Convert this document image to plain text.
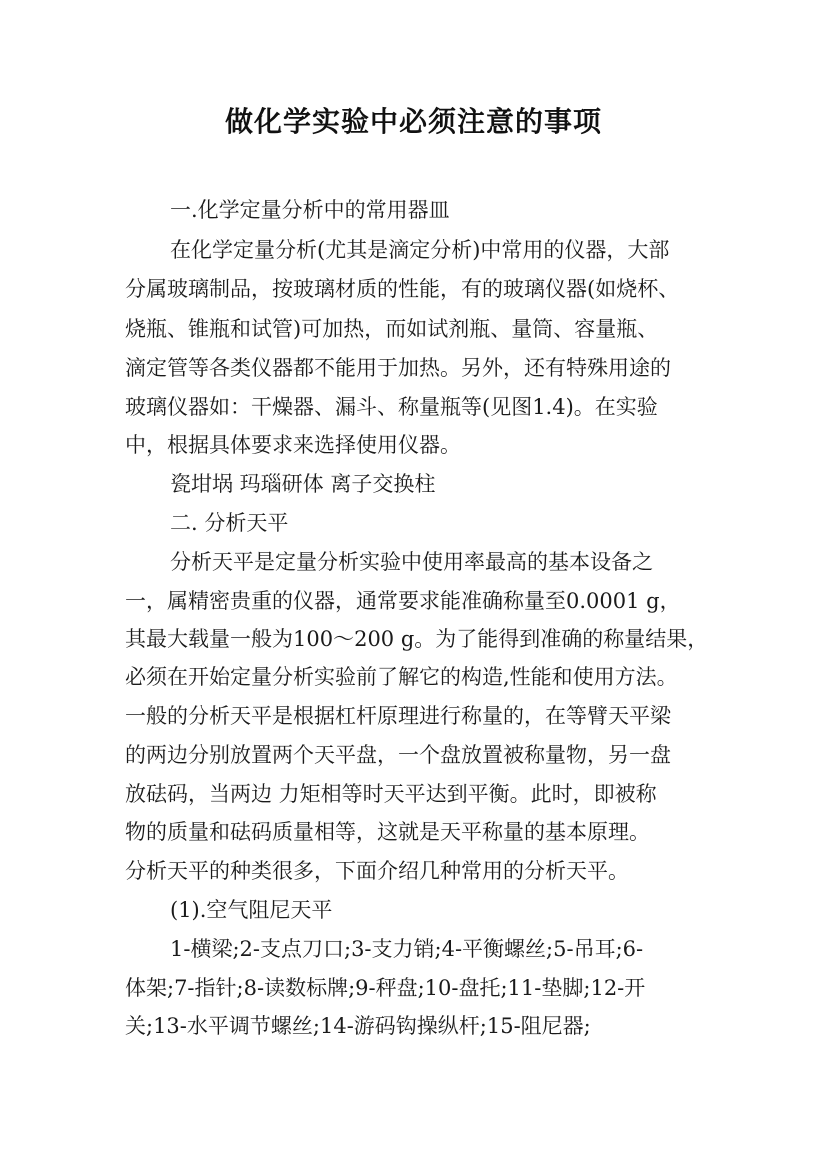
做化学实验中必须注意的事项
一.化学定量分析中的常用器皿
在化学定量分析(尤其是滴定分析)中常用的仪器，大部
分属玻璃制品，按玻璃材质的性能，有的玻璃仪器(如烧杯、
烧瓶、锥瓶和试管)可加热，而如试剂瓶、量筒、容量瓶、
滴定管等各类仪器都不能用于加热。另外，还有特殊用途的
玻璃仪器如：干燥器、漏斗、称量瓶等(见图1.4)。在实验
中，根据具体要求来选择使用仪器。
瓷坩埚 玛瑙研体 离子交换柱
二. 分析天平
分析天平是定量分析实验中使用率最高的基本设备之
一，属精密贵重的仪器，通常要求能准确称量至0.0001 g，
其最大载量一般为100～200 g。为了能得到准确的称量结果，
必须在开始定量分析实验前了解它的构造,性能和使用方法。
一般的分析天平是根据杠杆原理进行称量的，在等臂天平梁
的两边分别放置两个天平盘，一个盘放置被称量物，另一盘
放砝码，当两边 力矩相等时天平达到平衡。此时，即被称
物的质量和砝码质量相等，这就是天平称量的基本原理。
分析天平的种类很多，下面介绍几种常用的分析天平。
(1).空气阻尼天平
1-横梁;2-支点刀口;3-支力销;4-平衡螺丝;5-吊耳;6-
体架;7-指针;8-读数标牌;9-秤盘;10-盘托;11-垫脚;12-开
关;13-水平调节螺丝;14-游码钩操纵杆;15-阻尼器;
